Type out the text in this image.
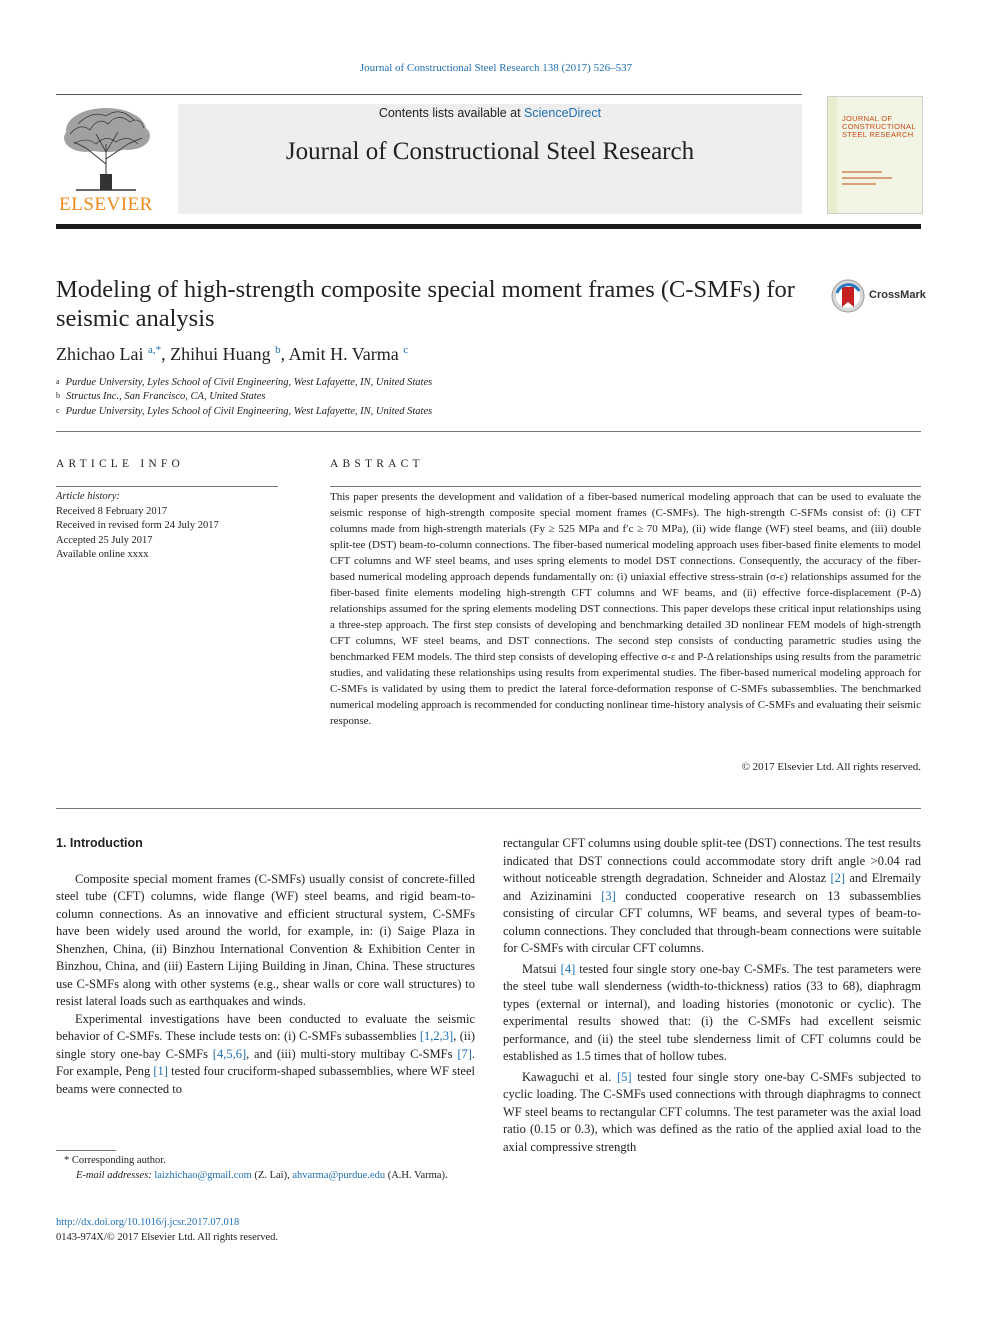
Journal of Constructional Steel Research 138 (2017) 526–537
ELSEVIER
Contents lists available at ScienceDirect
Journal of Constructional Steel Research
JOURNAL OF
CONSTRUCTIONAL
STEEL RESEARCH
Modeling of high-strength composite special moment frames (C-SMFs) for seismic analysis
CrossMark
Zhichao Lai $^{a,*}$, Zhihui Huang $^b$, Amit H. Varma $^c$
$^a$ Purdue University, Lyles School of Civil Engineering, West Lafayette, IN, United States
$^b$ Structus Inc., San Francisco, CA, United States
$^c$ Purdue University, Lyles School of Civil Engineering, West Lafayette, IN, United States
ARTICLE INFO	ABSTRACT
Article history:
Received 8 February 2017
Received in revised form 24 July 2017
Accepted 25 July 2017
Available online xxxx
This paper presents the development and validation of a fiber-based numerical modeling approach that can be used to evaluate the seismic response of high-strength composite special moment frames (C-SMFs). The high-strength C-SFMs consist of: (i) CFT columns made from high-strength materials (Fy ≥ 525 MPa and f′c ≥ 70 MPa), (ii) wide flange (WF) steel beams, and (iii) double split-tee (DST) beam-to-column connections. The fiber-based numerical modeling approach uses fiber-based finite elements to model CFT columns and WF steel beams, and uses spring elements to model DST connections. Consequently, the accuracy of the fiber-based numerical modeling approach depends fundamentally on: (i) uniaxial effective stress-strain (σ-ε) relationships assumed for the fiber-based finite elements modeling high-strength CFT columns and WF beams, and (ii) effective force-displacement (P-Δ) relationships assumed for the spring elements modeling DST connections. This paper develops these critical input relationships using a three-step approach. The first step consists of developing and benchmarking detailed 3D nonlinear FEM models of high-strength CFT columns, WF steel beams, and DST connections. The second step consists of conducting parametric studies using the benchmarked FEM models. The third step consists of developing effective σ-ε and P-Δ relationships using results from the parametric studies, and validating these relationships using results from experimental studies. The fiber-based numerical modeling approach for C-SMFs is validated by using them to predict the lateral force-deformation response of C-SMFs subassemblies. The benchmarked numerical modeling approach is recommended for conducting nonlinear time-history analysis of C-SMFs and evaluating their seismic response.
© 2017 Elsevier Ltd. All rights reserved.
1. Introduction

Composite special moment frames (C-SMFs) usually consist of concrete-filled steel tube (CFT) columns, wide flange (WF) steel beams, and rigid beam-to-column connections. As an innovative and efficient structural system, C-SMFs have been widely used around the world, for example, in: (i) Saige Plaza in Shenzhen, China, (ii) Binzhou International Convention & Exhibition Center in Binzhou, China, and (iii) Eastern Lijing Building in Jinan, China. These structures use C-SMFs along with other systems (e.g., shear walls or core wall structures) to resist lateral loads such as earthquakes and winds.

Experimental investigations have been conducted to evaluate the seismic behavior of C-SMFs. These include tests on: (i) C-SMFs subassemblies [1,2,3], (ii) single story one-bay C-SMFs [4,5,6], and (iii) multi-story multibay C-SMFs [7]. For example, Peng [1] tested four cruciform-shaped subassemblies, where WF steel beams were connected to

rectangular CFT columns using double split-tee (DST) connections. The test results indicated that DST connections could accommodate story drift angle >0.04 rad without noticeable strength degradation. Schneider and Alostaz [2] and Elremaily and Azizinamini [3] conducted cooperative research on 13 subassemblies consisting of circular CFT columns, WF beams, and several types of beam-to-column connections. They concluded that through-beam connections were suitable for C-SMFs with circular CFT columns.

Matsui [4] tested four single story one-bay C-SMFs. The test parameters were the steel tube wall slenderness (width-to-thickness) ratios (33 to 68), diaphragm types (external or internal), and loading histories (monotonic or cyclic). The experimental results showed that: (i) the C-SMFs had excellent seismic performance, and (ii) the steel tube slenderness limit of CFT columns could be established as 1.5 times that of hollow tubes.

Kawaguchi et al. [5] tested four single story one-bay C-SMFs subjected to cyclic loading. The C-SMFs used connections with through diaphragms to connect WF steel beams to rectangular CFT columns. The test parameter was the axial load ratio (0.15 or 0.3), which was defined as the ratio of the applied axial load to the axial compressive strength

* Corresponding author.
E-mail addresses: laizhichao@gmail.com (Z. Lai), ahvarma@purdue.edu (A.H. Varma).
http://dx.doi.org/10.1016/j.jcsr.2017.07.018
0143-974X/© 2017 Elsevier Ltd. All rights reserved.
